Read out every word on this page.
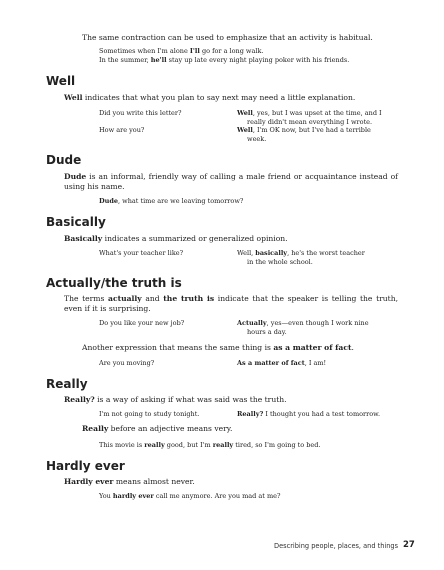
The same contraction can be used to emphasize that an activity is habitual.
Sometimes when I'm alone I'll go for a long walk.
In the summer, he'll stay up late every night playing poker with his friends.
Well
Well indicates that what you plan to say next may need a little explanation.
Did you write this letter?	Well, yes, but I was upset at the time, and I really didn't mean everything I wrote.
How are you?	Well, I'm OK now, but I've had a terrible week.
Dude
Dude is an informal, friendly way of calling a male friend or acquaintance instead of using his name.
Dude, what time are we leaving tomorrow?
Basically
Basically indicates a summarized or generalized opinion.
What's your teacher like?	Well, basically, he's the worst teacher in the whole school.
Actually/the truth is
The terms actually and the truth is indicate that the speaker is telling the truth, even if it is surprising.
Do you like your new job?	Actually, yes—even though I work nine hours a day.
Another expression that means the same thing is as a matter of fact.
Are you moving?	As a matter of fact, I am!
Really
Really? is a way of asking if what was said was the truth.
I'm not going to study tonight.	Really? I thought you had a test tomorrow.
Really before an adjective means very.
This movie is really good, but I'm really tired, so I'm going to bed.
Hardly ever
Hardly ever means almost never.
You hardly ever call me anymore. Are you mad at me?
Describing people, places, and things 27
